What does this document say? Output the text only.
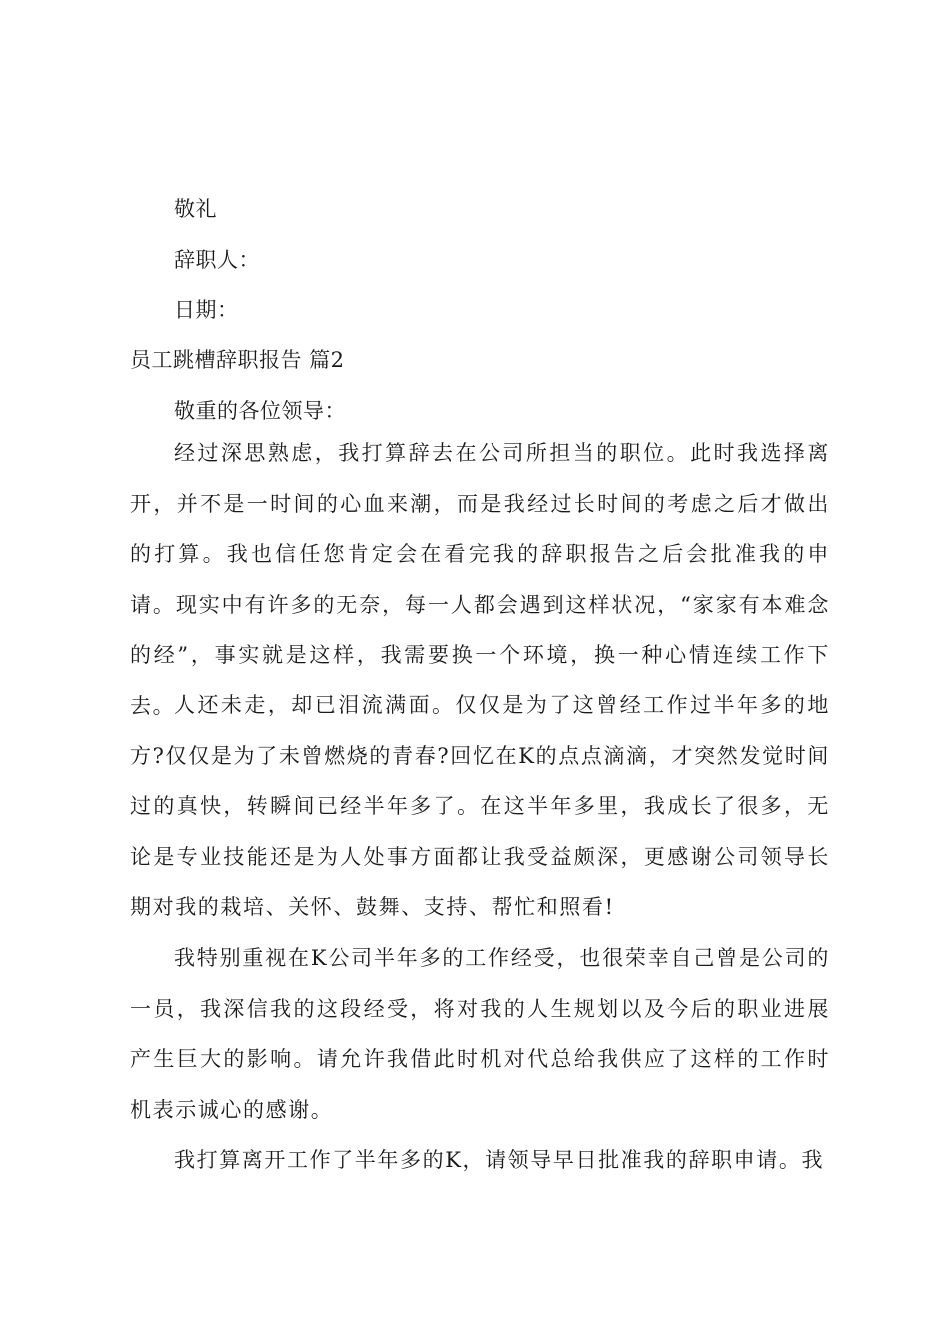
敬礼
辞职人：
日期：
员工跳槽辞职报告 篇2
敬重的各位领导：
经过深思熟虑，我打算辞去在公司所担当的职位。此时我选择离开，并不是一时间的心血来潮，而是我经过长时间的考虑之后才做出的打算。我也信任您肯定会在看完我的辞职报告之后会批准我的申请。现实中有许多的无奈，每一人都会遇到这样状况，“家家有本难念的经”，事实就是这样，我需要换一个环境，换一种心情连续工作下去。
人还未走，却已泪流满面。仅仅是为了这曾经工作过半年多的地方?仅仅是为了未曾燃烧的青春?回忆在K的点点滴滴，才突然发觉时间过的真快，转瞬间已经半年多了。在这半年多里，我成长了很多，无论是专业技能还是为人处事方面都让我受益颇深，更感谢公司领导长期对我的栽培、关怀、鼓舞、支持、帮忙和照看!
我特别重视在K公司半年多的工作经受，也很荣幸自己曾是公司的一员，我深信我的这段经受，将对我的人生规划以及今后的职业进展产生巨大的影响。请允许我借此时机对代总给我供应了这样的工作时机表示诚心的感谢。
我打算离开工作了半年多的K，请领导早日批准我的辞职申请。我
